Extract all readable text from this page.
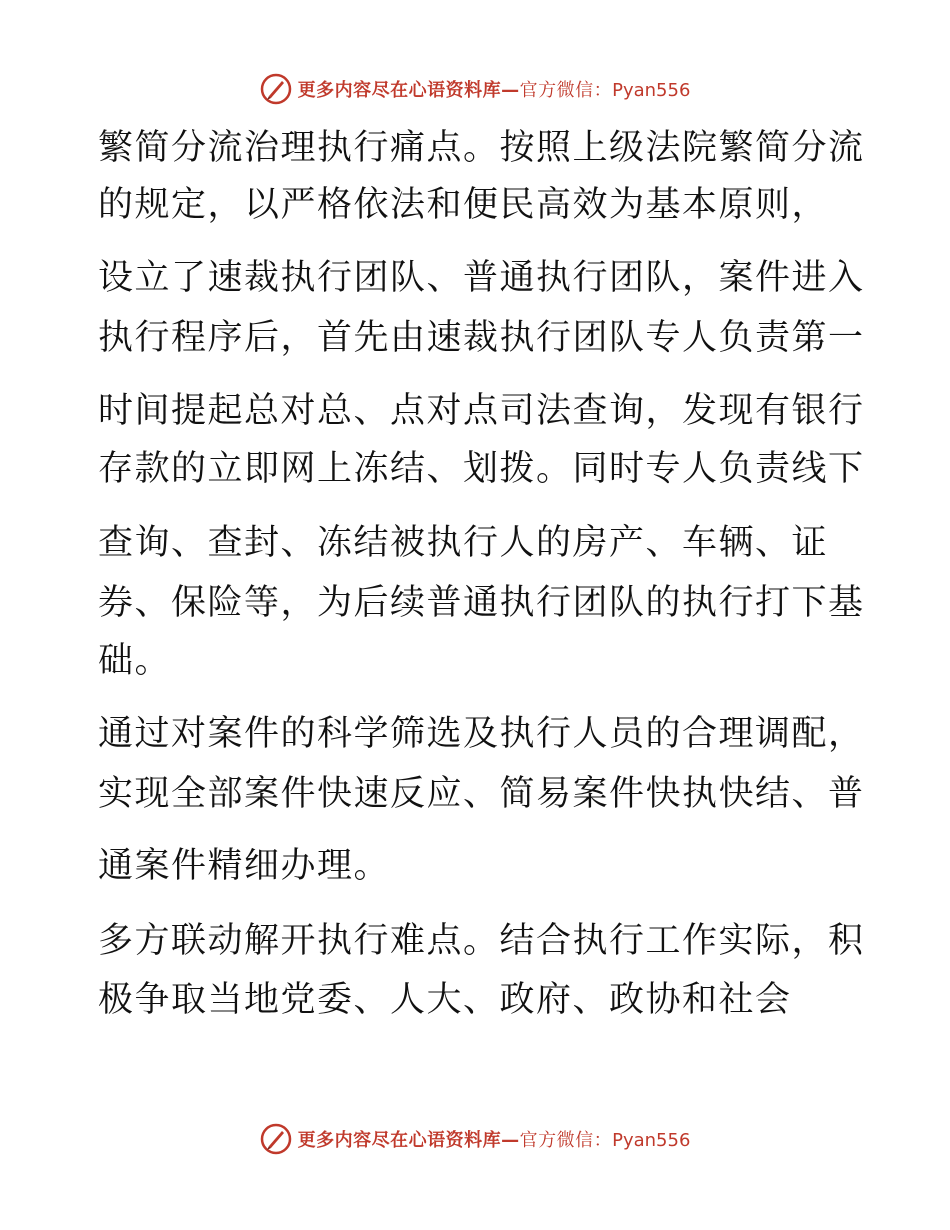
更多内容尽在心语资料库—官方微信：Pyan556
繁简分流治理执行痛点。按照上级法院繁简分流
的规定，以严格依法和便民高效为基本原则，
设立了速裁执行团队、普通执行团队，案件进入
执行程序后，首先由速裁执行团队专人负责第一
时间提起总对总、点对点司法查询，发现有银行
存款的立即网上冻结、划拨。同时专人负责线下
查询、查封、冻结被执行人的房产、车辆、证
券、保险等，为后续普通执行团队的执行打下基
础。
通过对案件的科学筛选及执行人员的合理调配，
实现全部案件快速反应、简易案件快执快结、普
通案件精细办理。
多方联动解开执行难点。结合执行工作实际，积
极争取当地党委、人大、政府、政协和社会
更多内容尽在心语资料库—官方微信：Pyan556
